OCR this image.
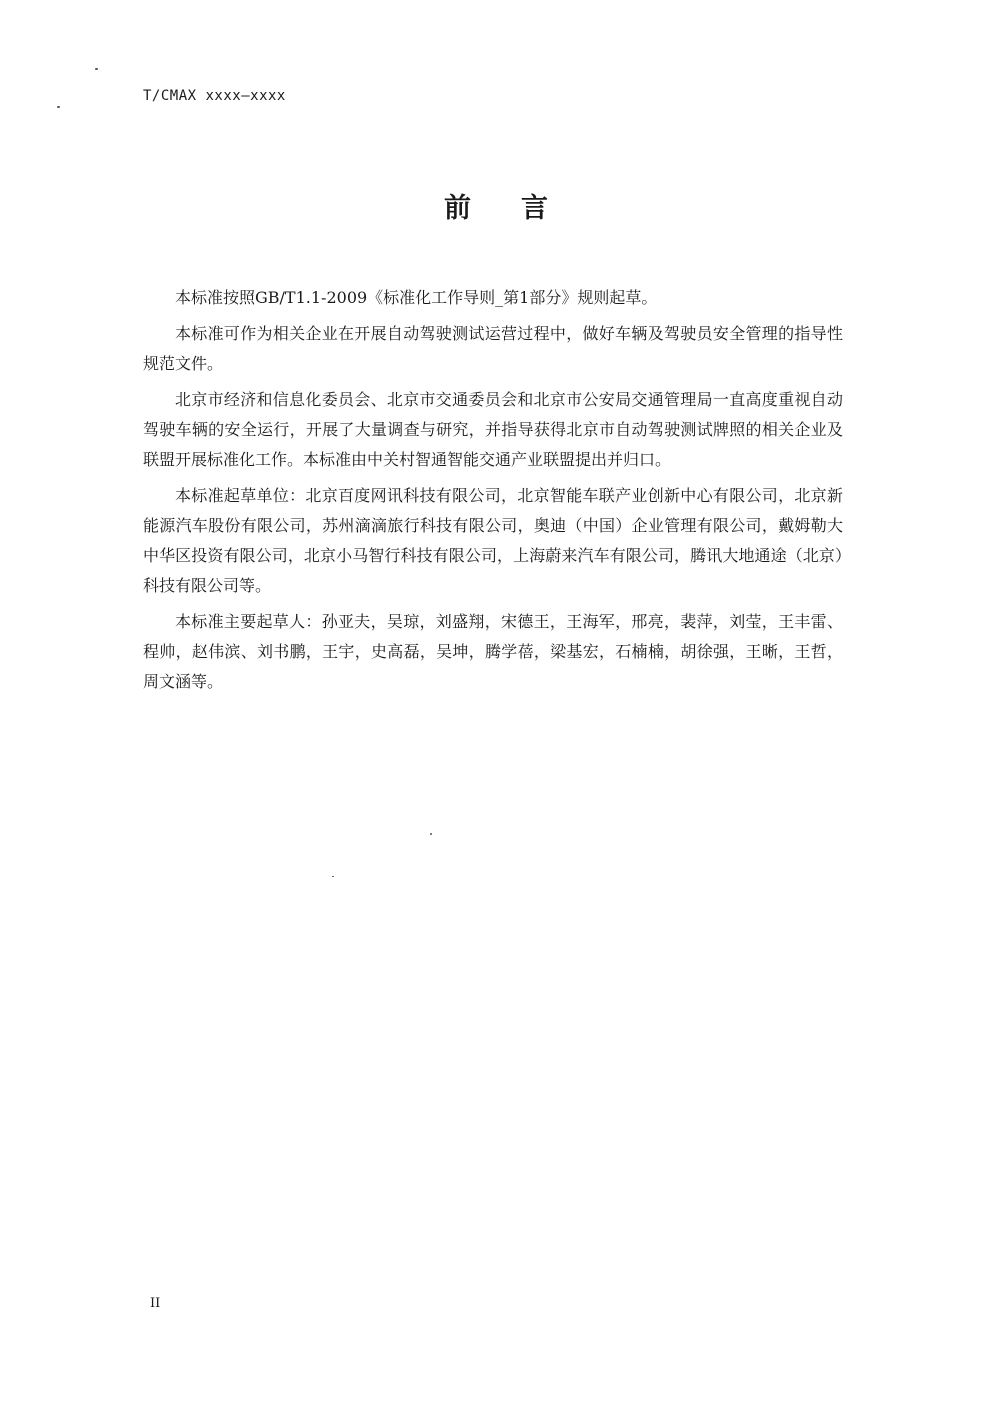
T/CMAX xxxx—xxxx
前言

本标准按照GB/T1.1-2009《标准化工作导则_第1部分》规则起草。

本标准可作为相关企业在开展自动驾驶测试运营过程中，做好车辆及驾驶员安全管理的指导性规范文件。

北京市经济和信息化委员会、北京市交通委员会和北京市公安局交通管理局一直高度重视自动驾驶车辆的安全运行，开展了大量调查与研究，并指导获得北京市自动驾驶测试牌照的相关企业及联盟开展标准化工作。本标准由中关村智通智能交通产业联盟提出并归口。

本标准起草单位：北京百度网讯科技有限公司，北京智能车联产业创新中心有限公司，北京新能源汽车股份有限公司，苏州滴滴旅行科技有限公司，奥迪（中国）企业管理有限公司，戴姆勒大中华区投资有限公司，北京小马智行科技有限公司，上海蔚来汽车有限公司，腾讯大地通途（北京）科技有限公司等。

本标准主要起草人：孙亚夫，吴琼，刘盛翔，宋德王，王海军，邢亮，裴萍，刘莹，王丰雷、程帅，赵伟滨、刘书鹏，王宇，史高磊，吴坤，腾学蓓，梁基宏，石楠楠，胡徐强，王晰，王哲，周文涵等。

II
